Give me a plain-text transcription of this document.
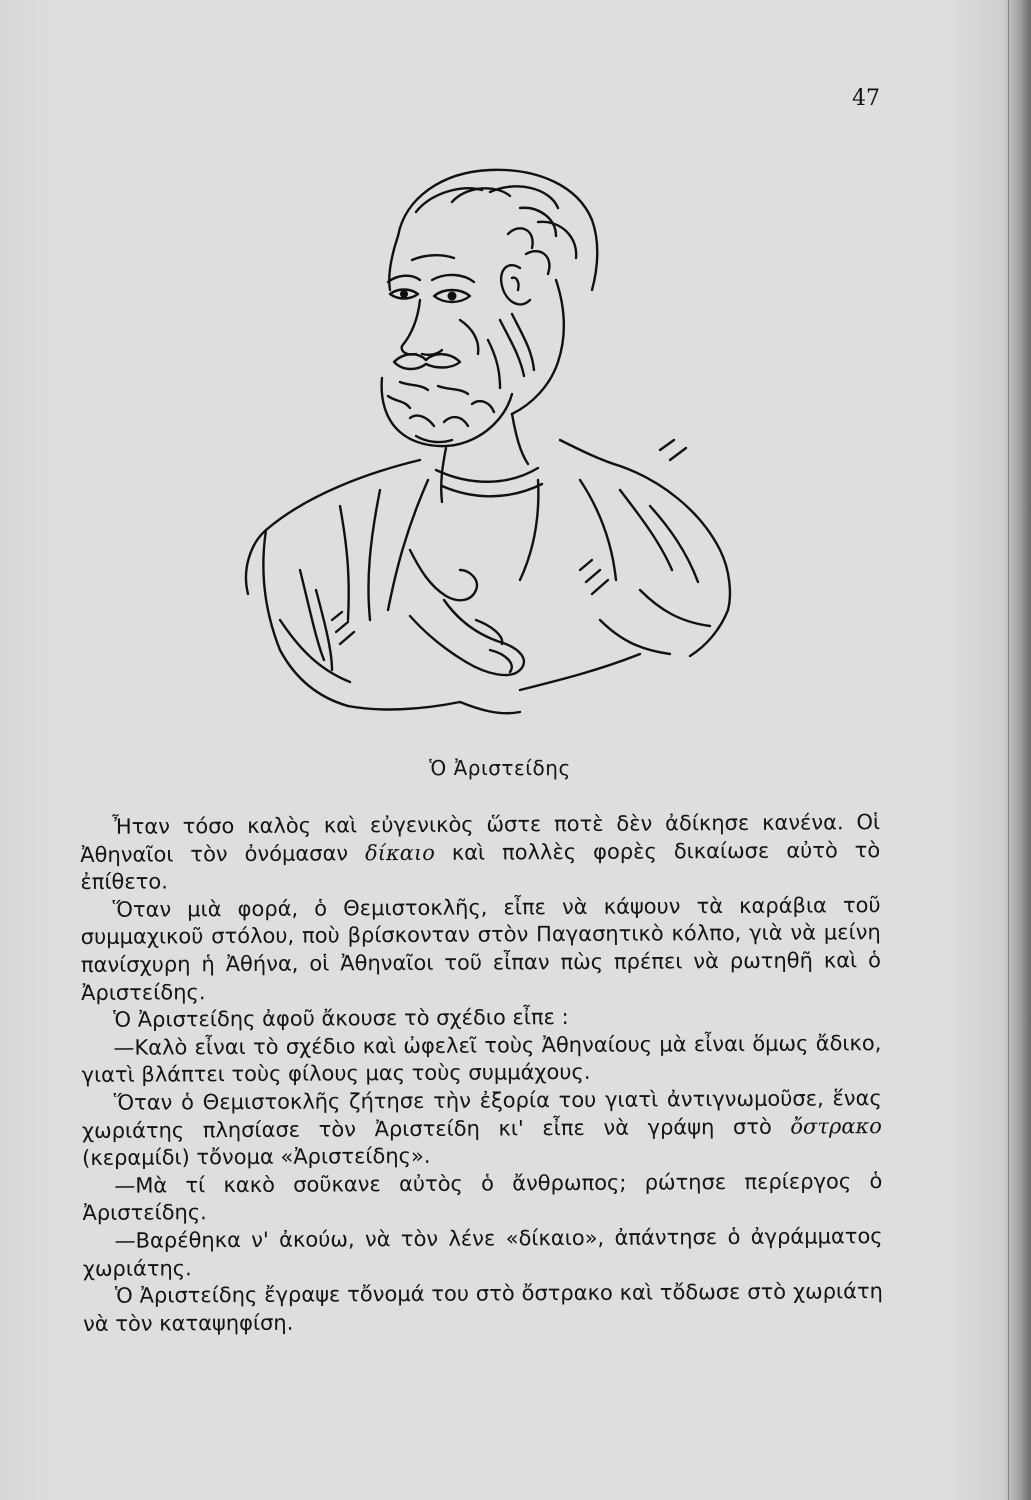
47
Ὁ Ἀριστείδης

Ἦταν τόσο καλὸς καὶ εὐγενικὸς ὥστε ποτὲ δὲν ἀδίκησε κανένα. Οἱ Ἀθηναῖοι τὸν ὀνόμασαν δίκαιο καὶ πολλὲς φορὲς δικαίωσε αὐτὸ τὸ ἐπίθετο.

Ὅταν μιὰ φορά, ὁ Θεμιστοκλῆς, εἶπε νὰ κάψουν τὰ καράβια τοῦ συμμαχικοῦ στόλου, ποὺ βρίσκονταν στὸν Παγασητικὸ κόλπο, γιὰ νὰ μείνη πανίσχυρη ἡ Ἀθήνα, οἱ Ἀθηναῖοι τοῦ εἶπαν πὼς πρέπει νὰ ρωτηθῆ καὶ ὁ Ἀριστείδης.

Ὁ Ἀριστείδης ἀφοῦ ἄκουσε τὸ σχέδιο εἶπε :

—Καλὸ εἶναι τὸ σχέδιο καὶ ὠφελεῖ τοὺς Ἀθηναίους μὰ εἶναι ὅμως ἄδικο, γιατὶ βλάπτει τοὺς φίλους μας τοὺς συμμάχους.

Ὅταν ὁ Θεμιστοκλῆς ζήτησε τὴν ἐξορία του γιατὶ ἀντιγνωμοῦσε, ἕνας χωριάτης πλησίασε τὸν Ἀριστείδη κι' εἶπε νὰ γράψη στὸ ὄστρακο (κεραμίδι) τὄνομα «Ἀριστείδης».

—Μὰ τί κακὸ σοῦκανε αὐτὸς ὁ ἄνθρωπος; ρώτησε περίεργος ὁ Ἀριστείδης.

—Βαρέθηκα ν' ἀκούω, νὰ τὸν λένε «δίκαιο», ἀπάντησε ὁ ἀγράμματος χωριάτης.

Ὁ Ἀριστείδης ἔγραψε τὄνομά του στὸ ὄστρακο καὶ τὄδωσε στὸ χωριάτη νὰ τὸν καταψηφίση.
